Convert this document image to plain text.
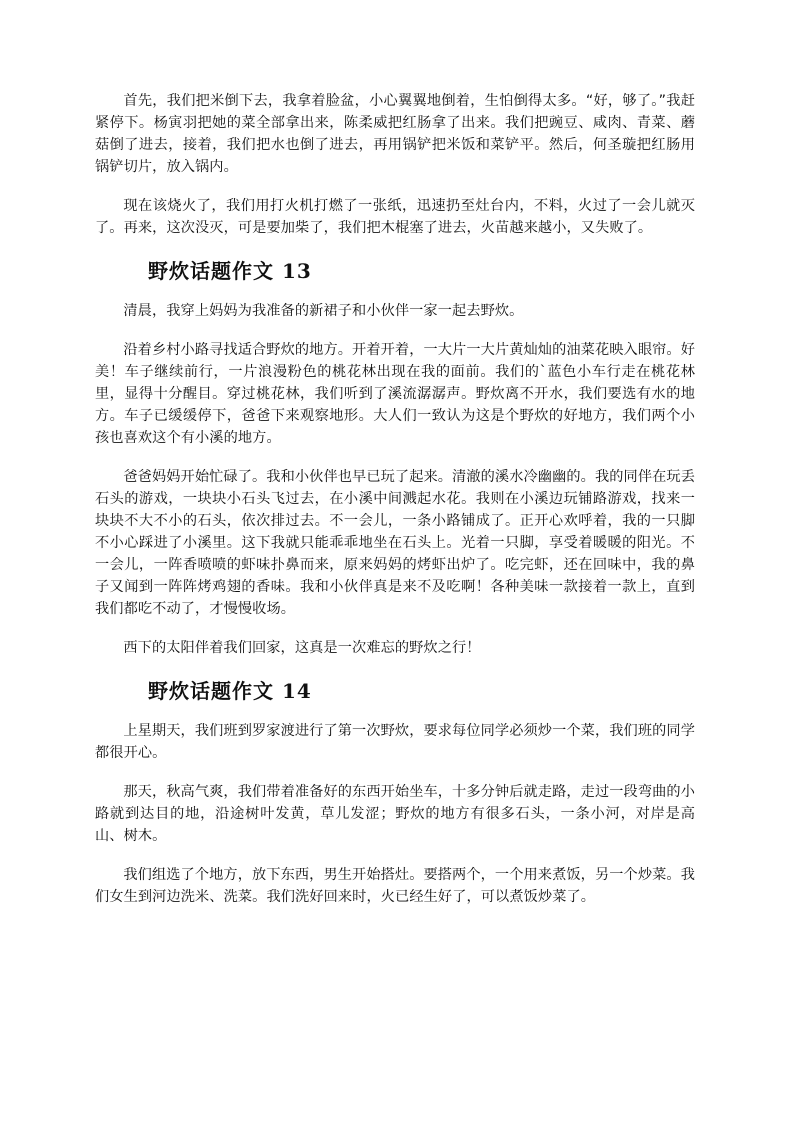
首先，我们把米倒下去，我拿着脸盆，小心翼翼地倒着，生怕倒得太多。“好，够了。”我赶紧停下。杨寅羽把她的菜全部拿出来，陈柔威把红肠拿了出来。我们把豌豆、咸肉、青菜、蘑菇倒了进去，接着，我们把水也倒了进去，再用锅铲把米饭和菜铲平。然后，何圣璇把红肠用锅铲切片，放入锅内。

现在该烧火了，我们用打火机打燃了一张纸，迅速扔至灶台内，不料，火过了一会儿就灭了。再来，这次没灭，可是要加柴了，我们把木棍塞了进去，火苗越来越小，又失败了。

野炊话题作文 13

清晨，我穿上妈妈为我准备的新裙子和小伙伴一家一起去野炊。

沿着乡村小路寻找适合野炊的地方。开着开着，一大片一大片黄灿灿的油菜花映入眼帘。好美！车子继续前行，一片浪漫粉色的桃花林出现在我的面前。我们的`蓝色小车行走在桃花林里，显得十分醒目。穿过桃花林，我们听到了溪流潺潺声。野炊离不开水，我们要选有水的地方。车子已缓缓停下，爸爸下来观察地形。大人们一致认为这是个野炊的好地方，我们两个小孩也喜欢这个有小溪的地方。

爸爸妈妈开始忙碌了。我和小伙伴也早已玩了起来。清澈的溪水冷幽幽的。我的同伴在玩丢石头的游戏，一块块小石头飞过去，在小溪中间溅起水花。我则在小溪边玩铺路游戏，找来一块块不大不小的石头，依次排过去。不一会儿，一条小路铺成了。正开心欢呼着，我的一只脚不小心踩进了小溪里。这下我就只能乖乖地坐在石头上。光着一只脚，享受着暖暖的阳光。不一会儿，一阵香喷喷的虾味扑鼻而来，原来妈妈的烤虾出炉了。吃完虾，还在回味中，我的鼻子又闻到一阵阵烤鸡翅的香味。我和小伙伴真是来不及吃啊！各种美味一款接着一款上，直到我们都吃不动了，才慢慢收场。

西下的太阳伴着我们回家，这真是一次难忘的野炊之行！

野炊话题作文 14

上星期天，我们班到罗家渡进行了第一次野炊，要求每位同学必须炒一个菜，我们班的同学都很开心。

那天，秋高气爽，我们带着准备好的东西开始坐车，十多分钟后就走路，走过一段弯曲的小路就到达目的地，沿途树叶发黄，草儿发涩；野炊的地方有很多石头，一条小河，对岸是高山、树木。

我们组选了个地方，放下东西，男生开始搭灶。要搭两个，一个用来煮饭，另一个炒菜。我们女生到河边洗米、洗菜。我们洗好回来时，火已经生好了，可以煮饭炒菜了。
